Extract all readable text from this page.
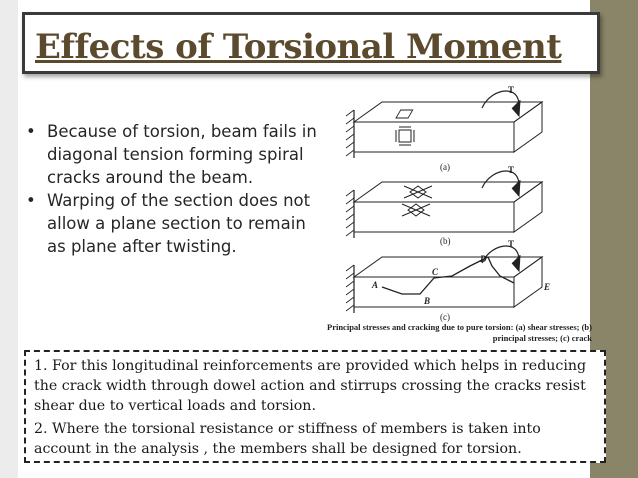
Effects of Torsional Moment
• Because of torsion, beam fails in diagonal tension forming spiral cracks around the beam.
• Warping of the section does not allow a plane section to remain as plane after twisting.
T
(a)	T
(b)	T
A
B
C
D
E
(c)
Principal stresses and cracking due to pure torsion: (a) shear stresses; (b) principal stresses; (c) crack

1. For this longitudinal reinforcements are provided which helps in reducing the crack width through dowel action and stirrups crossing the cracks resist shear due to vertical loads and torsion.

2. Where the torsional resistance or stiffness of members is taken into account in the analysis , the members shall be designed for torsion.
